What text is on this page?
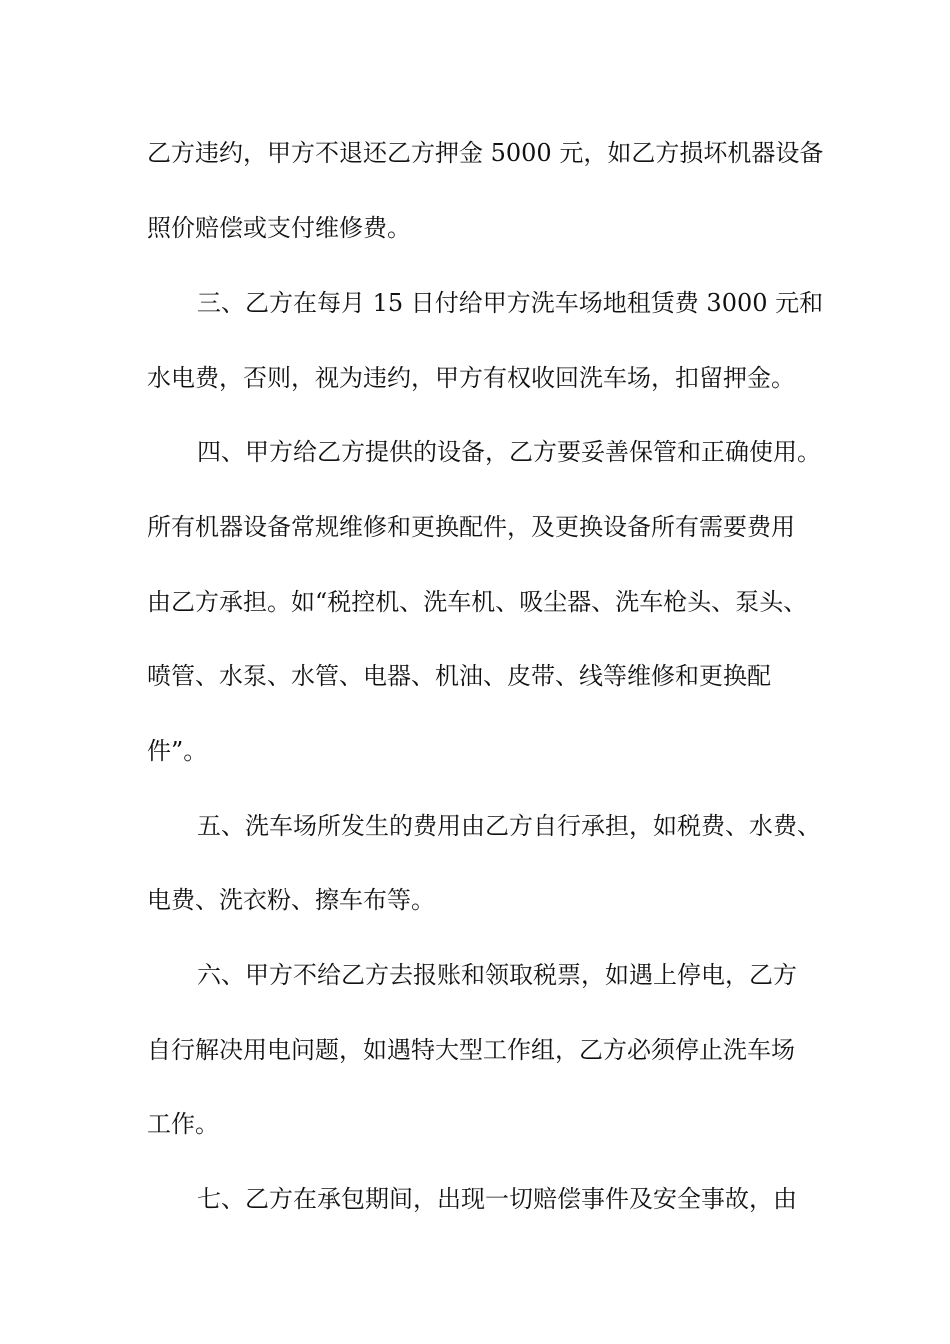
乙方违约，甲方不退还乙方押金 5000 元，如乙方损坏机器设备
照价赔偿或支付维修费。
三、乙方在每月 15 日付给甲方洗车场地租赁费 3000 元和
水电费，否则，视为违约，甲方有权收回洗车场，扣留押金。
四、甲方给乙方提供的设备，乙方要妥善保管和正确使用。
所有机器设备常规维修和更换配件，及更换设备所有需要费用
由乙方承担。如“税控机、洗车机、吸尘器、洗车枪头、泵头、
喷管、水泵、水管、电器、机油、皮带、线等维修和更换配
件”。
五、洗车场所发生的费用由乙方自行承担，如税费、水费、
电费、洗衣粉、擦车布等。
六、甲方不给乙方去报账和领取税票，如遇上停电，乙方
自行解决用电问题，如遇特大型工作组，乙方必须停止洗车场
工作。
七、乙方在承包期间，出现一切赔偿事件及安全事故，由
